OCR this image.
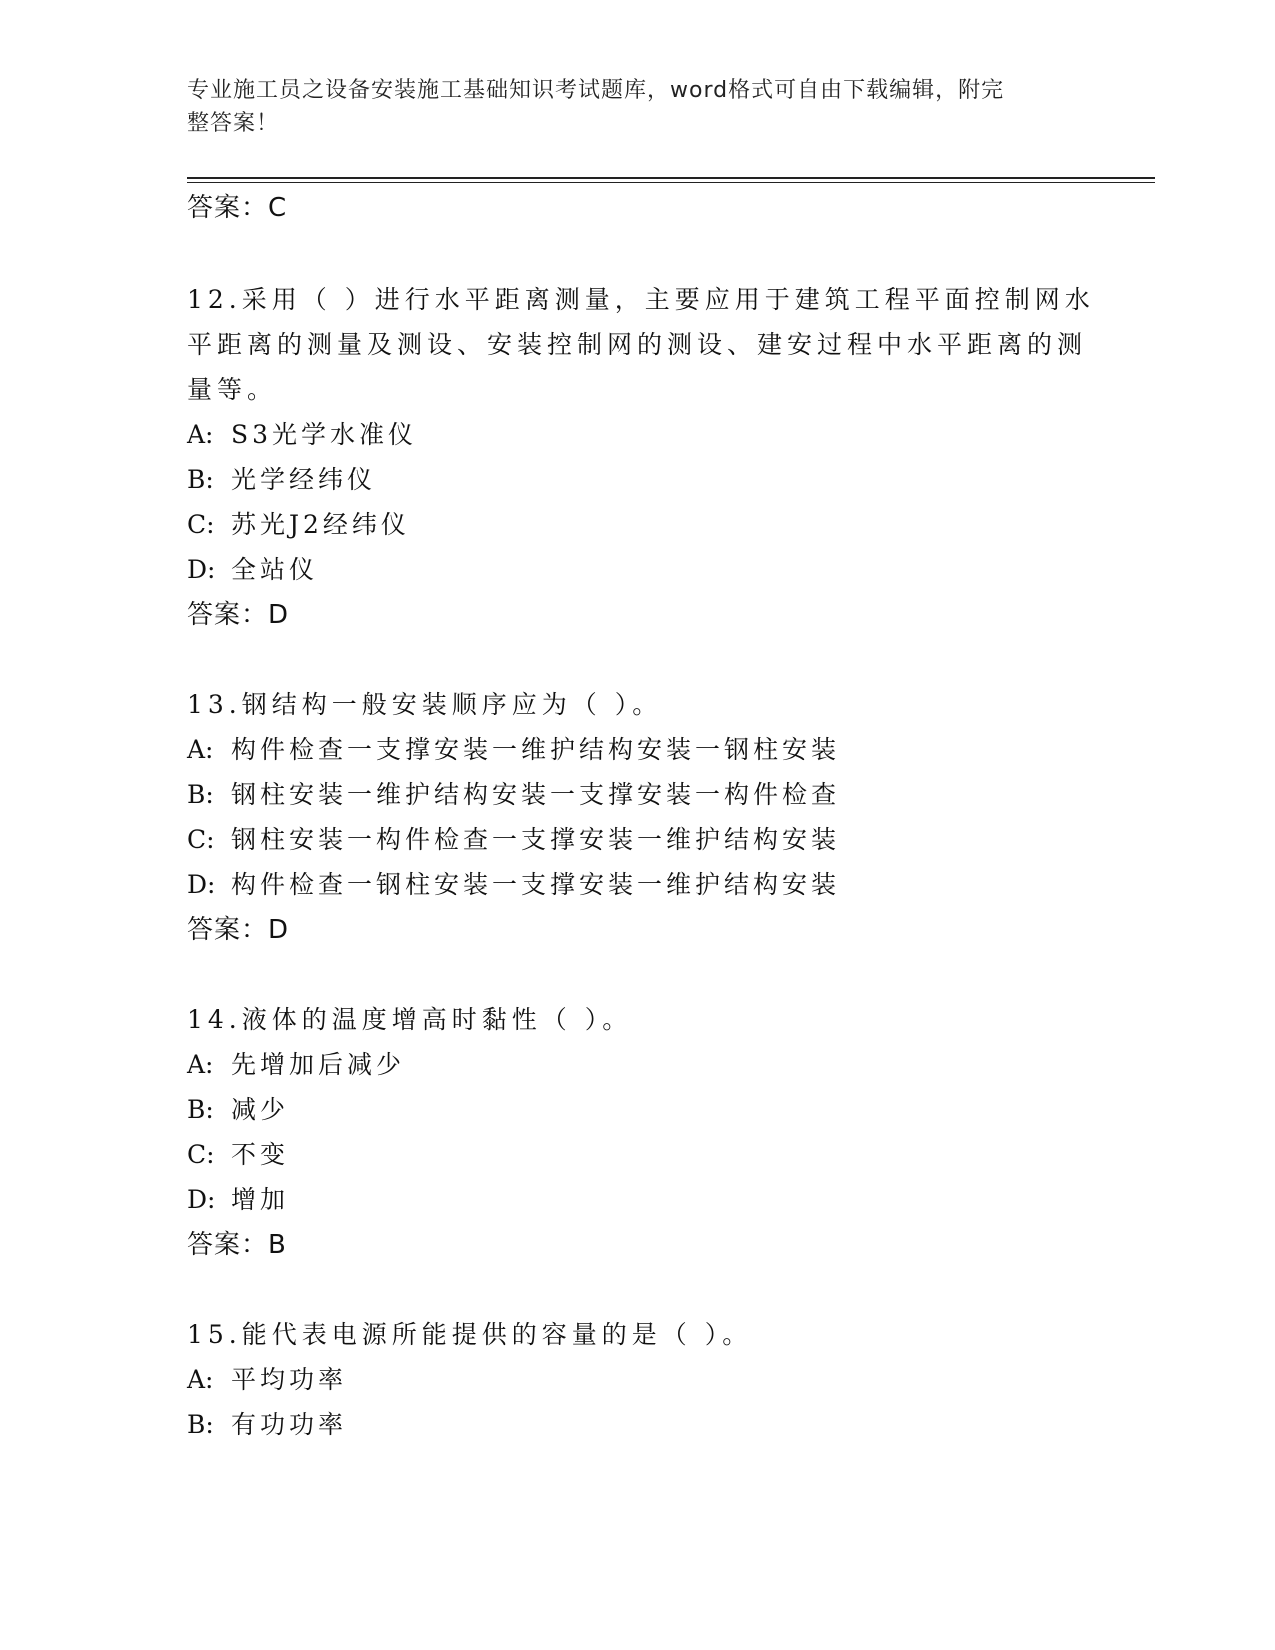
专业施工员之设备安装施工基础知识考试题库，word格式可自由下载编辑，附完
整答案！
答案：C
12.采用（ ）进行水平距离测量，主要应用于建筑工程平面控制网水
平距离的测量及测设、安装控制网的测设、建安过程中水平距离的测
量等。
A: S3光学水准仪
B: 光学经纬仪
C: 苏光J2经纬仪
D: 全站仪
答案：D
13.钢结构一般安装顺序应为（ ）。
A: 构件检查一支撑安装一维护结构安装一钢柱安装
B: 钢柱安装一维护结构安装一支撑安装一构件检查
C: 钢柱安装一构件检查一支撑安装一维护结构安装
D: 构件检查一钢柱安装一支撑安装一维护结构安装
答案：D
14.液体的温度增高时黏性（ ）。
A: 先增加后减少
B: 减少
C: 不变
D: 增加
答案：B
15.能代表电源所能提供的容量的是（ ）。
A: 平均功率
B: 有功功率
